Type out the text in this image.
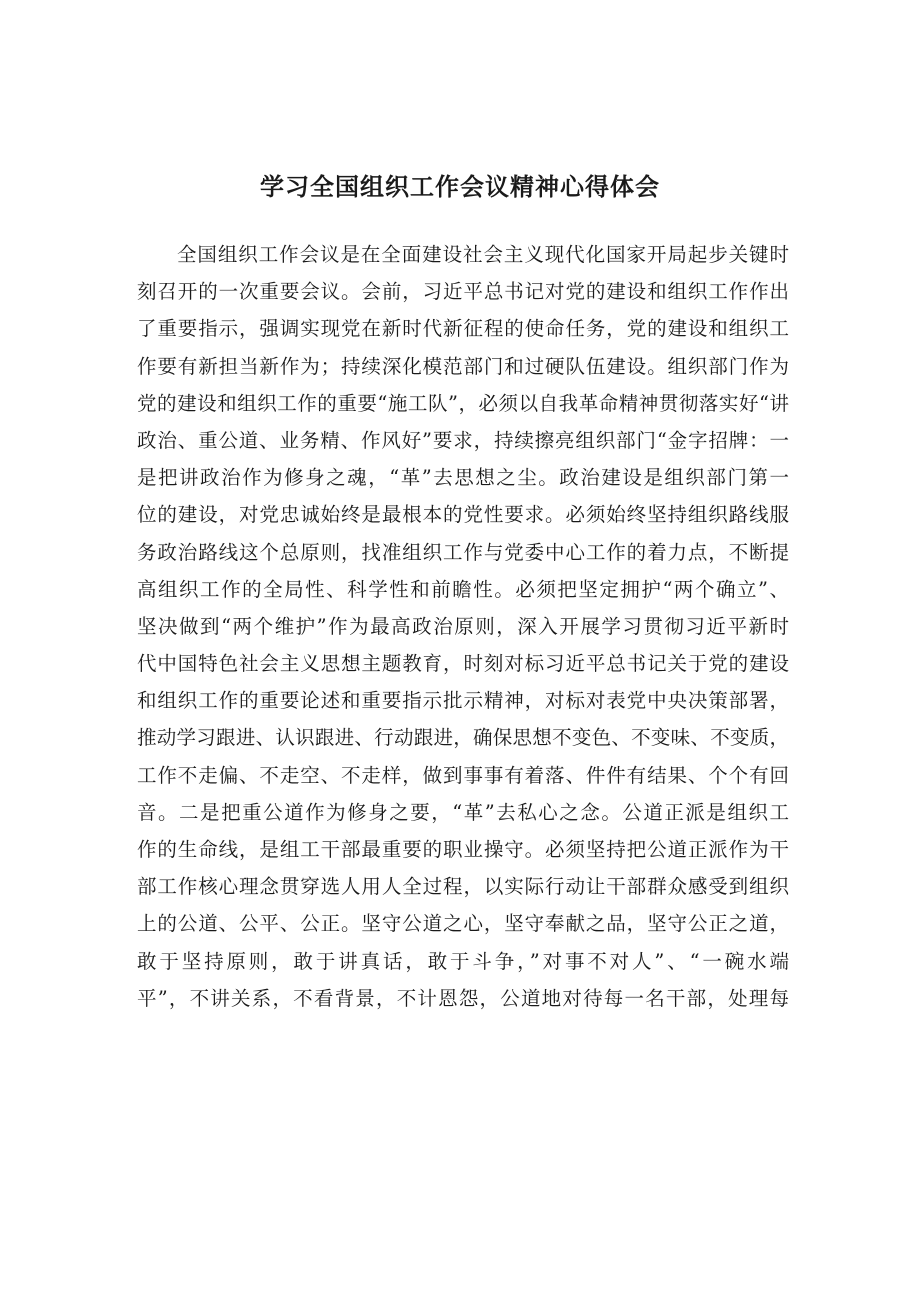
学习全国组织工作会议精神心得体会
全国组织工作会议是在全面建设社会主义现代化国家开局起步关键时
刻召开的一次重要会议。会前，习近平总书记对党的建设和组织工作作出
了重要指示，强调实现党在新时代新征程的使命任务，党的建设和组织工
作要有新担当新作为；持续深化模范部门和过硬队伍建设。组织部门作为
党的建设和组织工作的重要“施工队”，必须以自我革命精神贯彻落实好“讲
政治、重公道、业务精、作风好”要求，持续擦亮组织部门“金字招牌：一
是把讲政治作为修身之魂，“革”去思想之尘。政治建设是组织部门第一
位的建设，对党忠诚始终是最根本的党性要求。必须始终坚持组织路线服
务政治路线这个总原则，找准组织工作与党委中心工作的着力点，不断提
高组织工作的全局性、科学性和前瞻性。必须把坚定拥护“两个确立”、
坚决做到“两个维护”作为最高政治原则，深入开展学习贯彻习近平新时
代中国特色社会主义思想主题教育，时刻对标习近平总书记关于党的建设
和组织工作的重要论述和重要指示批示精神，对标对表党中央决策部署，
推动学习跟进、认识跟进、行动跟进，确保思想不变色、不变味、不变质，
工作不走偏、不走空、不走样，做到事事有着落、件件有结果、个个有回
音。二是把重公道作为修身之要，“革”去私心之念。公道正派是组织工
作的生命线，是组工干部最重要的职业操守。必须坚持把公道正派作为干
部工作核心理念贯穿选人用人全过程，以实际行动让干部群众感受到组织
上的公道、公平、公正。坚守公道之心，坚守奉献之品，坚守公正之道，
敢于坚持原则，敢于讲真话，敢于斗争，”对事不对人”、“一碗水端
平”，不讲关系，不看背景，不计恩怨，公道地对待每一名干部，处理每
